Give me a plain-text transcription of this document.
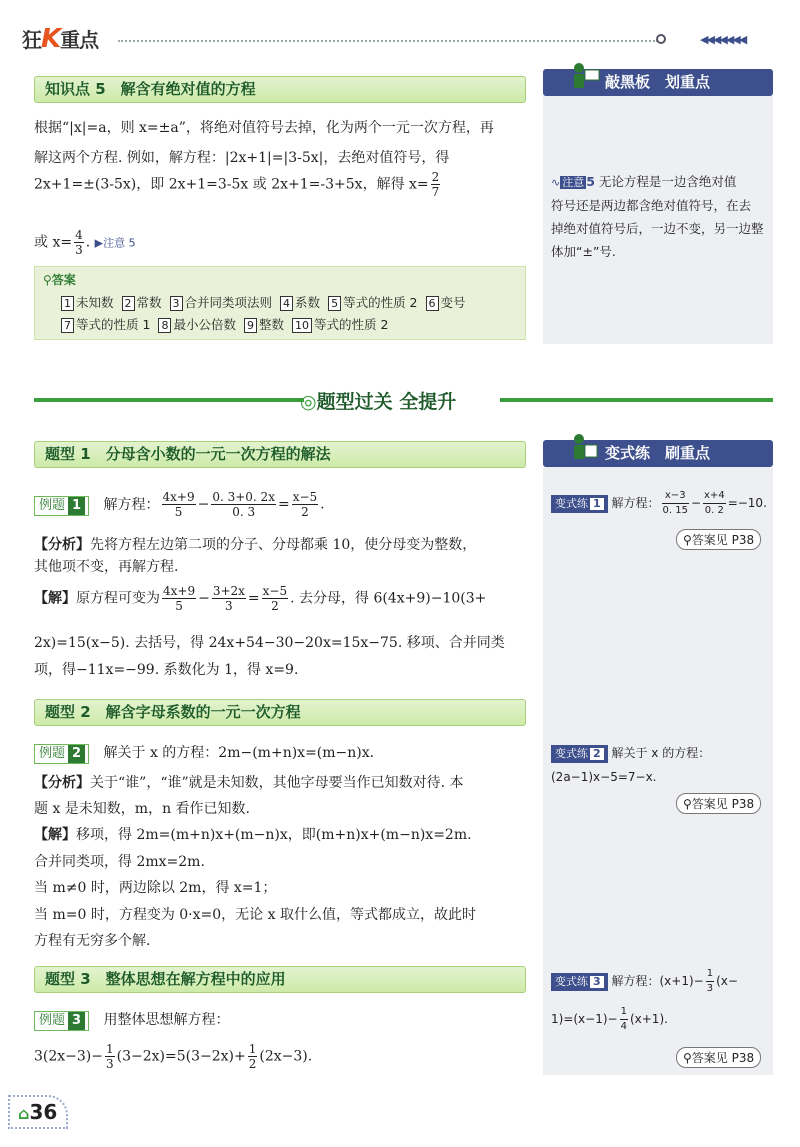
狂K重点	◀◀◀◀◀◀◀
知识点 5　解含有绝对值的方程
根据“|x|=a，则 x=±a”，将绝对值符号去掉，化为两个一元一次方程，再
解这两个方程. 例如，解方程：|2x+1|=|3-5x|，去绝对值符号，得
2x+1=±(3-5x)，即 2x+1=3-5x 或 2x+1=-3+5x，解得 $x= \frac{2}{7}$
或 $x= \frac{4}{3}$ . ▶注意 5
⚲答案
1 未知数 2 常数 3 合并同类项法则 4 系数 5 等式的性质 2 6 变号
7 等式的性质 1 8 最小公倍数 9 整数 10 等式的性质 2
敲黑板　划重点
∿ 注意 5 无论方程是一边含绝对值
符号还是两边都含绝对值符号，在去
掉绝对值符号后，一边不变，另一边整
体加“±”号.
◎题型过关 全提升
变式练　刷重点
变式练 1 解方程： $\frac{x-3}{0. 15} - \frac{x+4}{0. 2} =-10$.
⚲答案见 P38
变式练 2 解关于 x 的方程：
(2a−1)x−5=7−x.
⚲答案见 P38
变式练 3 解方程：$(x+1)- \frac{1}{3} (x-$
$1)=(x-1)- \frac{1}{4} (x+1)$.
⚲答案见 P38
题型 1　分母含小数的一元一次方程的解法
例题 1 解方程： $\frac{4x+9}{5} - \frac{0. 3+0. 2x}{0. 3} = \frac{x-5}{2}$ .
【分析】先将方程左边第二项的分子、分母都乘 10，使分母变为整数，
其他项不变，再解方程.
【解】原方程可变为 $\frac{4x+9}{5} - \frac{3+2x}{3} = \frac{x-5}{2}$ . 去分母，得 6(4x+9)−10(3+
2x)=15(x−5). 去括号，得 24x+54−30−20x=15x−75. 移项、合并同类
项，得−11x=−99. 系数化为 1，得 x=9.
题型 2　解含字母系数的一元一次方程
例题 2 解关于 x 的方程：2m−(m+n)x=(m−n)x.
【分析】关于“谁”，“谁”就是未知数，其他字母要当作已知数对待. 本
题 x 是未知数，m，n 看作已知数.
【解】移项，得 2m=(m+n)x+(m−n)x，即(m+n)x+(m−n)x=2m.
合并同类项，得 2mx=2m.
当 m≠0 时，两边除以 2m，得 x=1；
当 m=0 时，方程变为 0·x=0，无论 x 取什么值，等式都成立，故此时
方程有无穷多个解.
题型 3　整体思想在解方程中的应用
例题 3 用整体思想解方程：
$3(2x-3)- \frac{1}{3} (3-2x)=5(3-2x)+ \frac{1}{2} (2x-3)$.
⌂36
